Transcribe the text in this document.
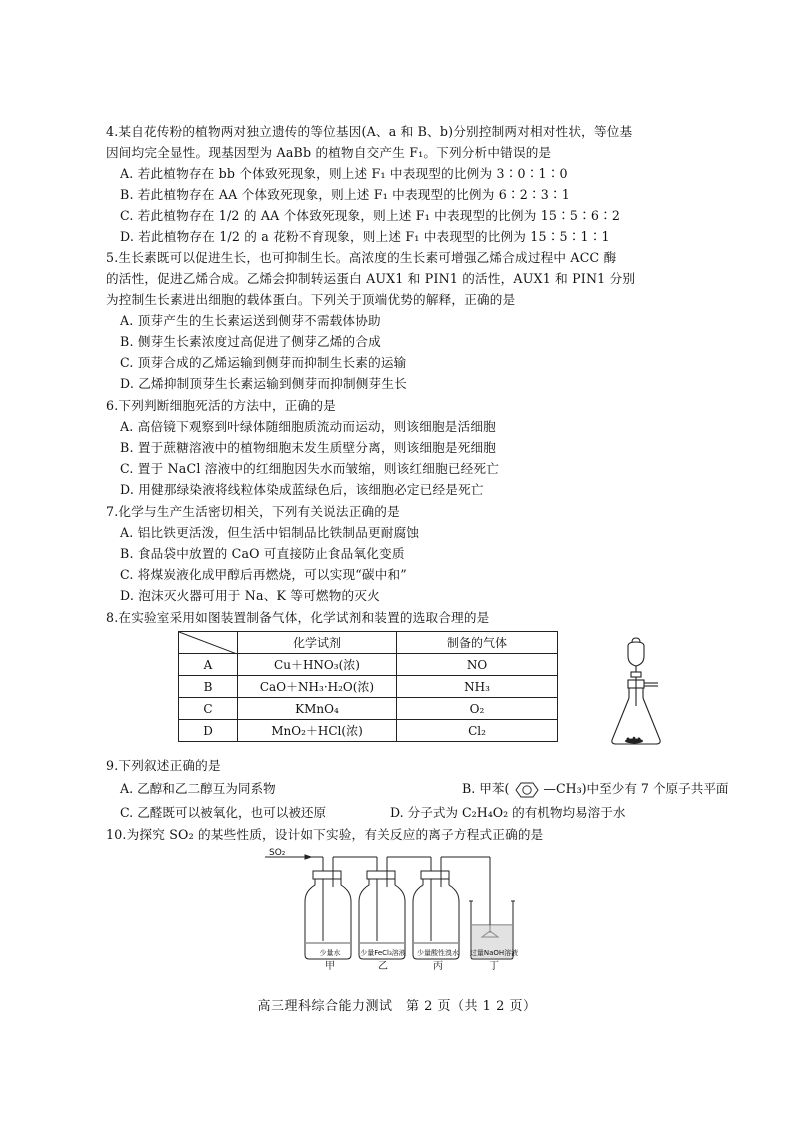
4.某自花传粉的植物两对独立遗传的等位基因(A、a 和 B、b)分别控制两对相对性状，等位基
因间均完全显性。现基因型为 AaBb 的植物自交产生 F₁。下列分析中错误的是
A. 若此植物存在 bb 个体致死现象，则上述 F₁ 中表现型的比例为 3∶0∶1∶0
B. 若此植物存在 AA 个体致死现象，则上述 F₁ 中表现型的比例为 6∶2∶3∶1
C. 若此植物存在 1/2 的 AA 个体致死现象，则上述 F₁ 中表现型的比例为 15∶5∶6∶2
D. 若此植物存在 1/2 的 a 花粉不育现象，则上述 F₁ 中表现型的比例为 15∶5∶1∶1
5.生长素既可以促进生长，也可抑制生长。高浓度的生长素可增强乙烯合成过程中 ACC 酶
的活性，促进乙烯合成。乙烯会抑制转运蛋白 AUX1 和 PIN1 的活性，AUX1 和 PIN1 分别
为控制生长素进出细胞的载体蛋白。下列关于顶端优势的解释，正确的是
A. 顶芽产生的生长素运送到侧芽不需载体协助
B. 侧芽生长素浓度过高促进了侧芽乙烯的合成
C. 顶芽合成的乙烯运输到侧芽而抑制生长素的运输
D. 乙烯抑制顶芽生长素运输到侧芽而抑制侧芽生长
6.下列判断细胞死活的方法中，正确的是
A. 高倍镜下观察到叶绿体随细胞质流动而运动，则该细胞是活细胞
B. 置于蔗糖溶液中的植物细胞未发生质壁分离，则该细胞是死细胞
C. 置于 NaCl 溶液中的红细胞因失水而皱缩，则该红细胞已经死亡
D. 用健那绿染液将线粒体染成蓝绿色后，该细胞必定已经是死亡
7.化学与生产生活密切相关，下列有关说法正确的是
A. 铝比铁更活泼，但生活中铝制品比铁制品更耐腐蚀
B. 食品袋中放置的 CaO 可直接防止食品氧化变质
C. 将煤炭液化成甲醇后再燃烧，可以实现“碳中和”
D. 泡沫灭火器可用于 Na、K 等可燃物的灭火
8.在实验室采用如图装置制备气体，化学试剂和装置的选取合理的是
	化学试剂	制备的气体
A	Cu＋HNO₃(浓)	NO
B	CaO＋NH₃·H₂O(浓)	NH₃
C	KMnO₄	O₂
D	MnO₂＋HCl(浓)	Cl₂
9.下列叙述正确的是
A. 乙醇和乙二醇互为同系物	B. 甲苯(	—CH₃)中至少有 7 个原子共平面
C. 乙醛既可以被氧化，也可以被还原	D. 分子式为 C₂H₄O₂ 的有机物均易溶于水
10.为探究 SO₂ 的某些性质，设计如下实验，有关反应的离子方程式正确的是
SO₂
少量水
甲
少量FeCl₃溶液
乙
少量酸性溴水
丙
过量NaOH溶液
丁
高三理科综合能力测试　第 2 页（共 1 2 页）
